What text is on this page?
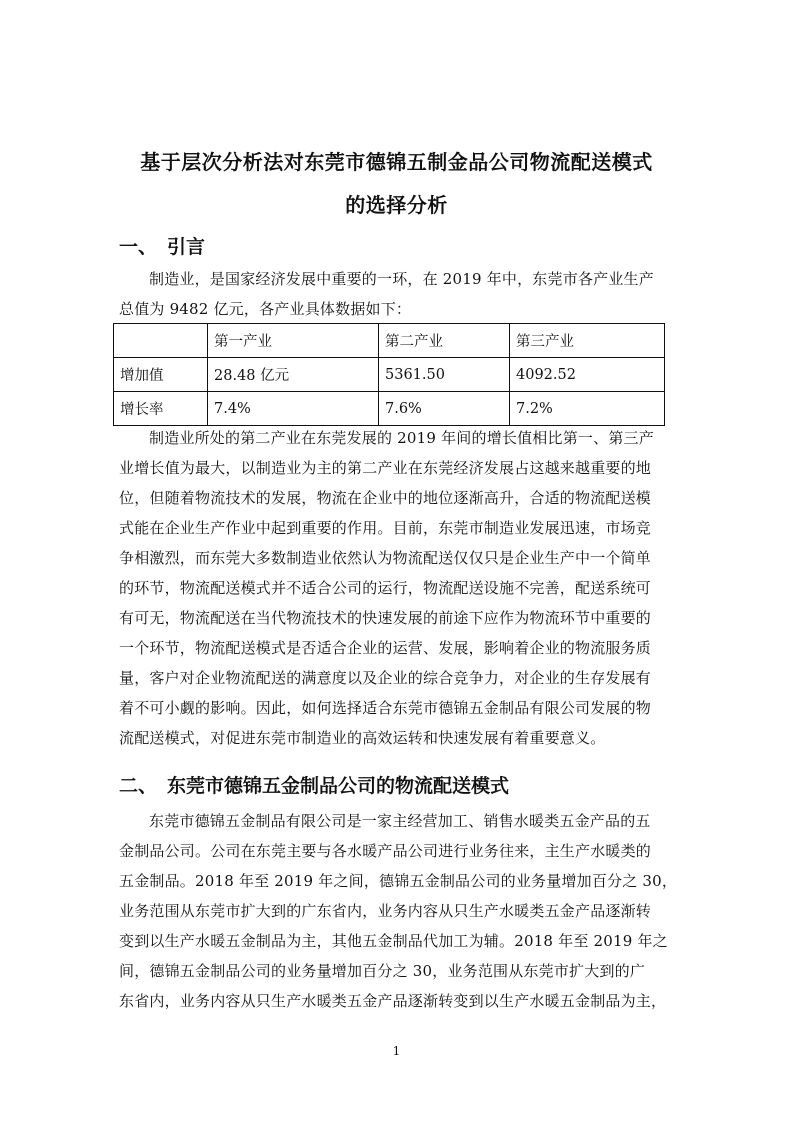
基于层次分析法对东莞市德锦五制金品公司物流配送模式
的选择分析
一、 引言
制造业，是国家经济发展中重要的一环，在 2019 年中，东莞市各产业生产
总值为 9482 亿元，各产业具体数据如下：
	第一产业	第二产业	第三产业
增加值	28.48 亿元	5361.50	4092.52
增长率	7.4%	7.6%	7.2%
制造业所处的第二产业在东莞发展的 2019 年间的增长值相比第一、第三产
业增长值为最大，以制造业为主的第二产业在东莞经济发展占这越来越重要的地
位，但随着物流技术的发展，物流在企业中的地位逐渐高升，合适的物流配送模
式能在企业生产作业中起到重要的作用。目前，东莞市制造业发展迅速，市场竞
争相激烈，而东莞大多数制造业依然认为物流配送仅仅只是企业生产中一个简单
的环节，物流配送模式并不适合公司的运行，物流配送设施不完善，配送系统可
有可无，物流配送在当代物流技术的快速发展的前途下应作为物流环节中重要的
一个环节，物流配送模式是否适合企业的运营、发展，影响着企业的物流服务质
量，客户对企业物流配送的满意度以及企业的综合竞争力，对企业的生存发展有
着不可小觑的影响。因此，如何选择适合东莞市德锦五金制品有限公司发展的物
流配送模式，对促进东莞市制造业的高效运转和快速发展有着重要意义。
二、 东莞市德锦五金制品公司的物流配送模式
东莞市德锦五金制品有限公司是一家主经营加工、销售水暖类五金产品的五
金制品公司。公司在东莞主要与各水暖产品公司进行业务往来，主生产水暖类的
五金制品。2018 年至 2019 年之间，德锦五金制品公司的业务量增加百分之 30，
业务范围从东莞市扩大到的广东省内，业务内容从只生产水暖类五金产品逐渐转
变到以生产水暖五金制品为主，其他五金制品代加工为辅。2018 年至 2019 年之
间，德锦五金制品公司的业务量增加百分之 30，业务范围从东莞市扩大到的广
东省内，业务内容从只生产水暖类五金产品逐渐转变到以生产水暖五金制品为主，
1
